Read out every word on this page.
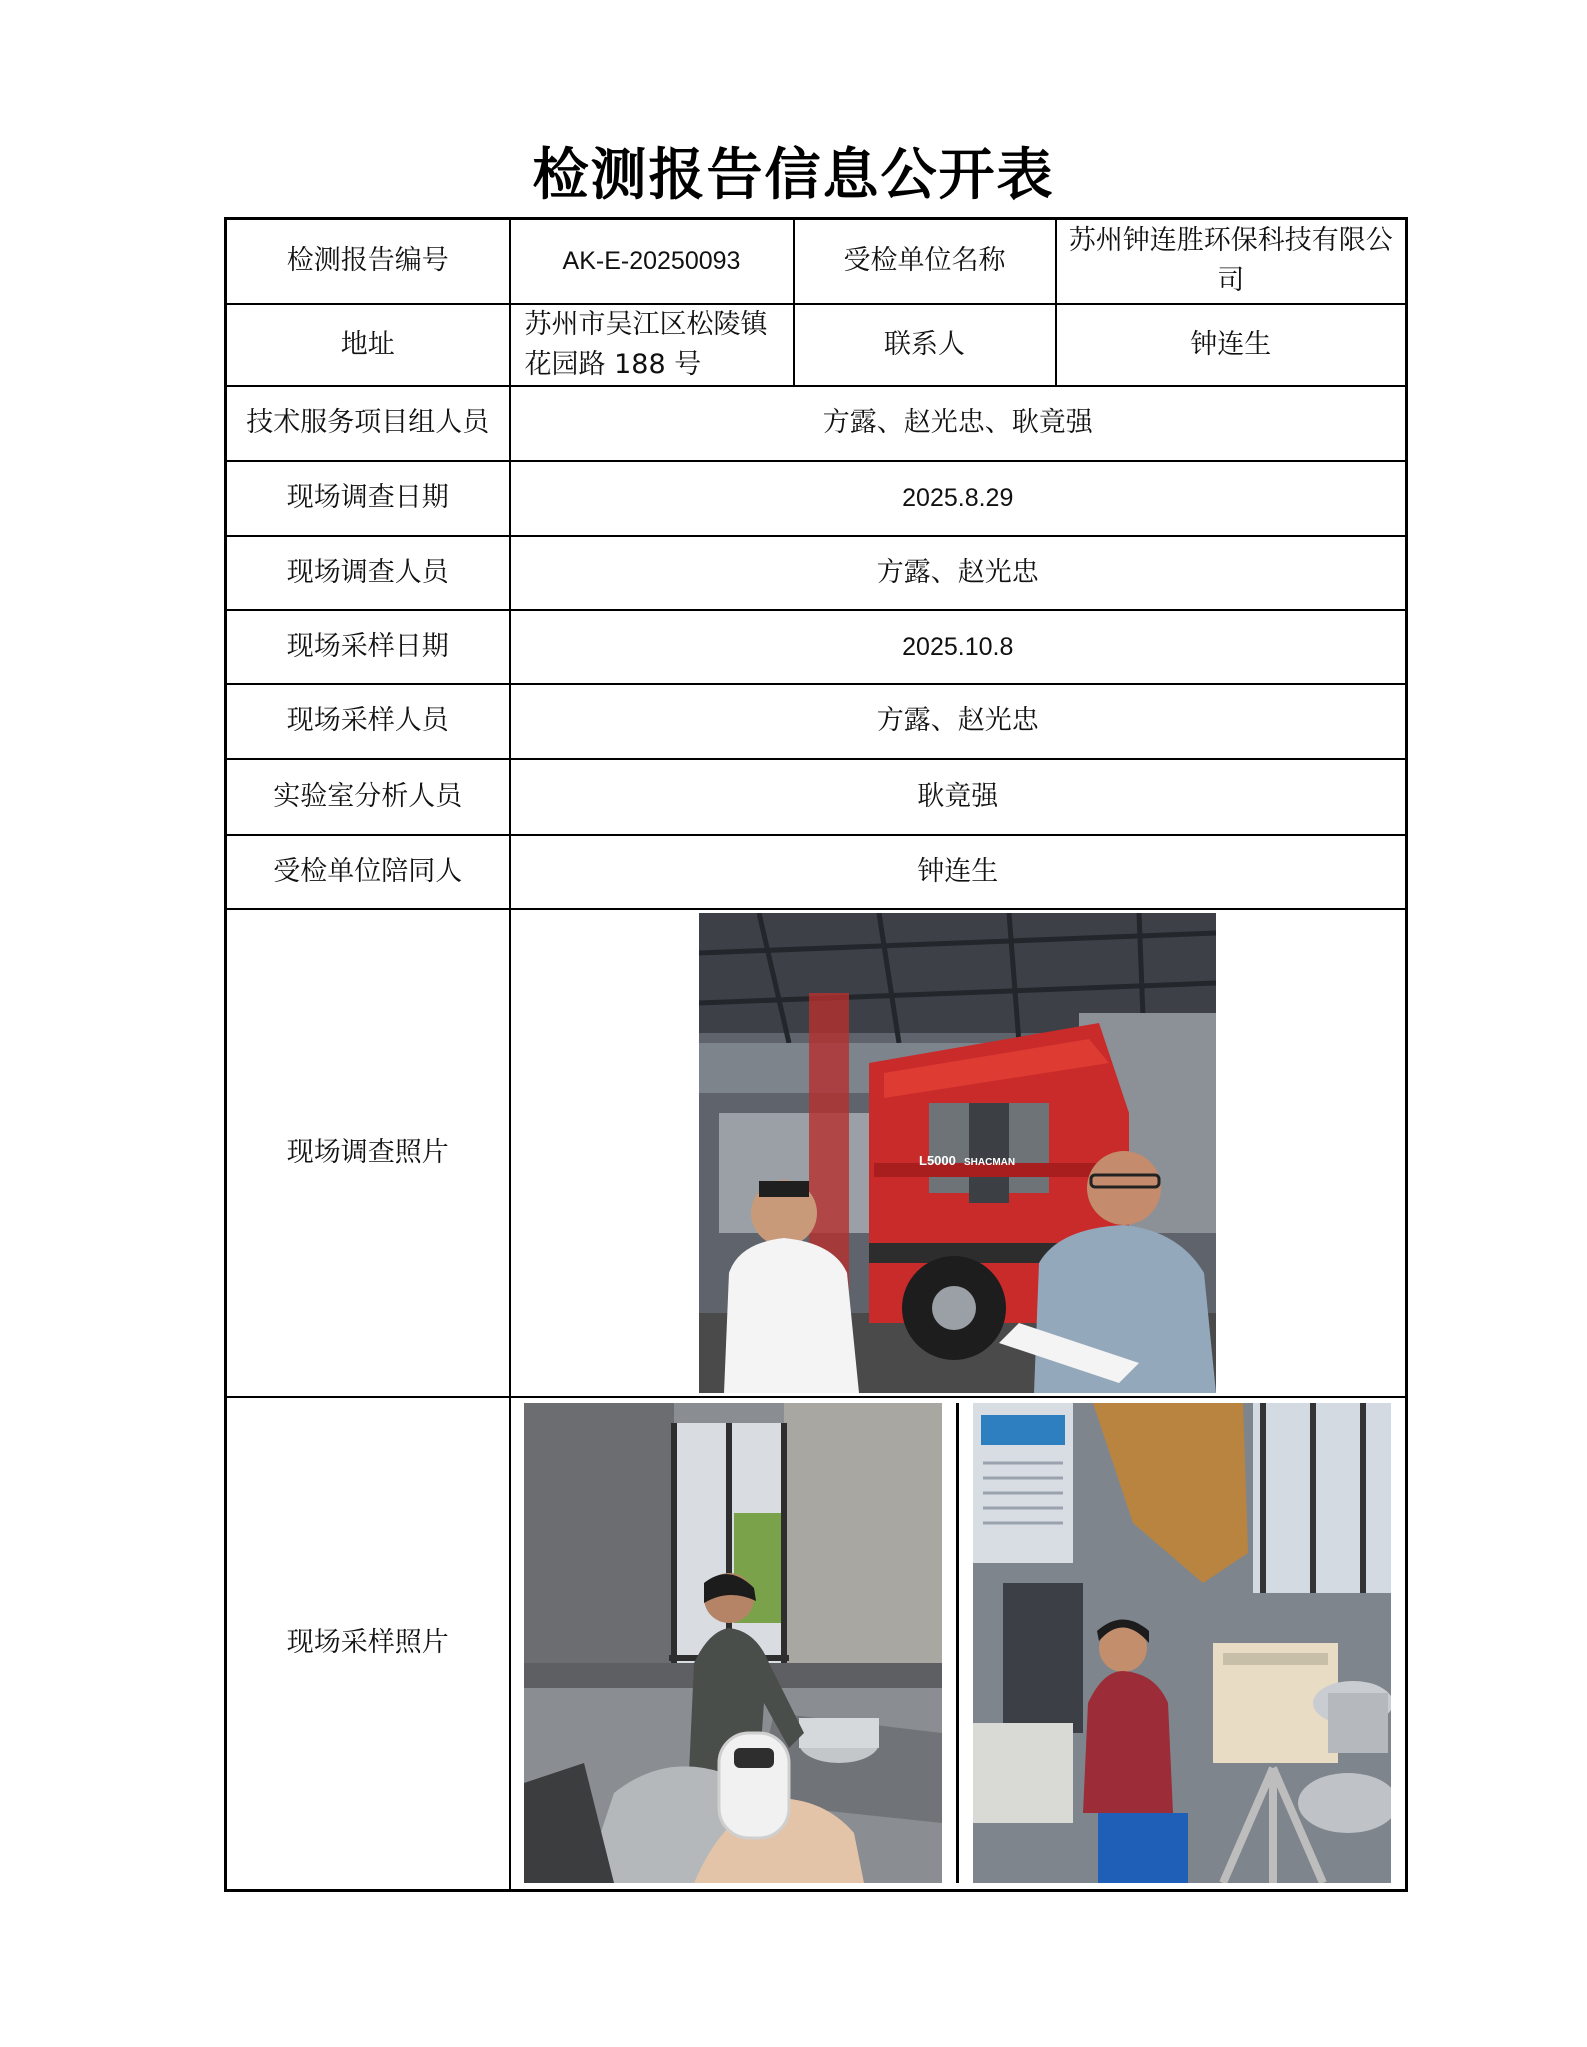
检测报告信息公开表
检测报告编号	AK-E-20250093	受检单位名称	苏州钟连胜环保科技有限公司
地址	苏州市吴江区松陵镇花园路 188 号	联系人	钟连生
技术服务项目组人员	方露、赵光忠、耿竟强		
现场调查日期	2025.8.29		
现场调查人员	方露、赵光忠		
现场采样日期	2025.10.8		
现场采样人员	方露、赵光忠		
实验室分析人员	耿竟强		
受检单位陪同人	钟连生		
现场调查照片	L5000 SHACMAN		

现场采样照片	
